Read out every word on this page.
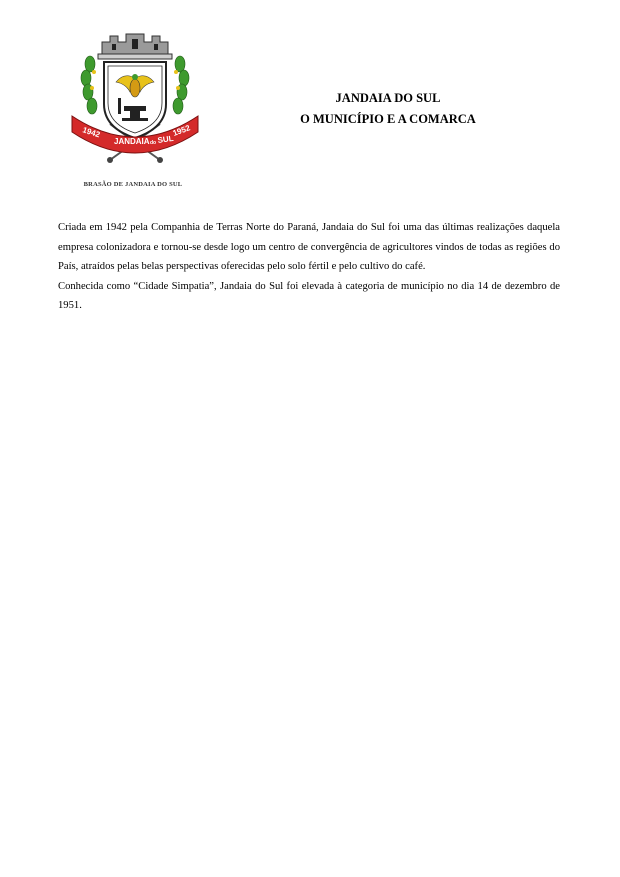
1942
JANDAIA do SUL
1952
BRASÃO DE JANDAIA DO SUL
JANDAIA DO SUL
O MUNICÍPIO E A COMARCA

Criada em 1942 pela Companhia de Terras Norte do Paraná, Jandaia do Sul foi uma das últimas realizações daquela empresa colonizadora e tornou-se desde logo um centro de convergência de agricultores vindos de todas as regiões do País, atraídos pelas belas perspectivas oferecidas pelo solo fértil e pelo cultivo do café.

Conhecida como “Cidade Simpatia”, Jandaia do Sul foi elevada à categoria de município no dia 14 de dezembro de 1951.
